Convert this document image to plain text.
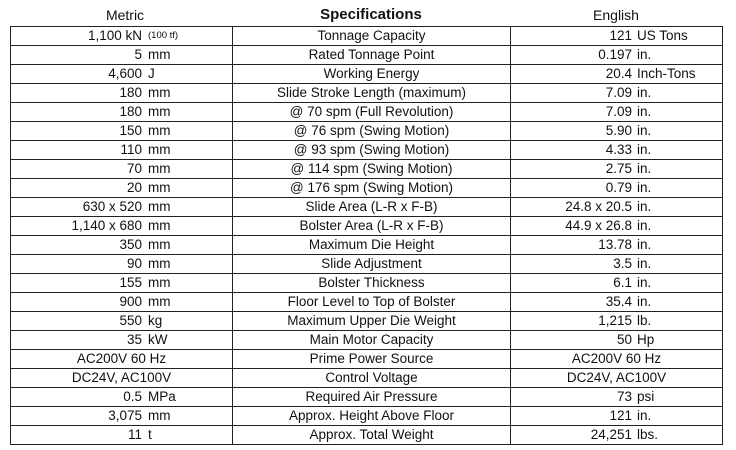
Metric	Specifications	English
1,100 kN (100 tf)	Tonnage Capacity	121 US Tons

5 mm	Rated Tonnage Point	0.197 in.

4,600 J	Working Energy	20.4 Inch-Tons

180 mm	Slide Stroke Length (maximum)	7.09 in.

180 mm	@ 70 spm (Full Revolution)	7.09 in.

150 mm	@ 76 spm (Swing Motion)	5.90 in.

110 mm	@ 93 spm (Swing Motion)	4.33 in.

70 mm	@ 114 spm (Swing Motion)	2.75 in.

20 mm	@ 176 spm (Swing Motion)	0.79 in.

630 x 520 mm	Slide Area (L-R x F-B)	24.8 x 20.5 in.

1,140 x 680 mm	Bolster Area (L-R x F-B)	44.9 x 26.8 in.

350 mm	Maximum Die Height	13.78 in.

90 mm	Slide Adjustment	3.5 in.

155 mm	Bolster Thickness	6.1 in.

900 mm	Floor Level to Top of Bolster	35.4 in.

550 kg	Maximum Upper Die Weight	1,215 lb.

35 kW	Main Motor Capacity	50 Hp

AC200V 60 Hz	Prime Power Source	AC200V 60 Hz
DC24V, AC100V	Control Voltage	DC24V, AC100V

0.5 MPa	Required Air Pressure	73 psi

3,075 mm	Approx. Height Above Floor	121 in.

11 t	Approx. Total Weight	24,251 lbs.
